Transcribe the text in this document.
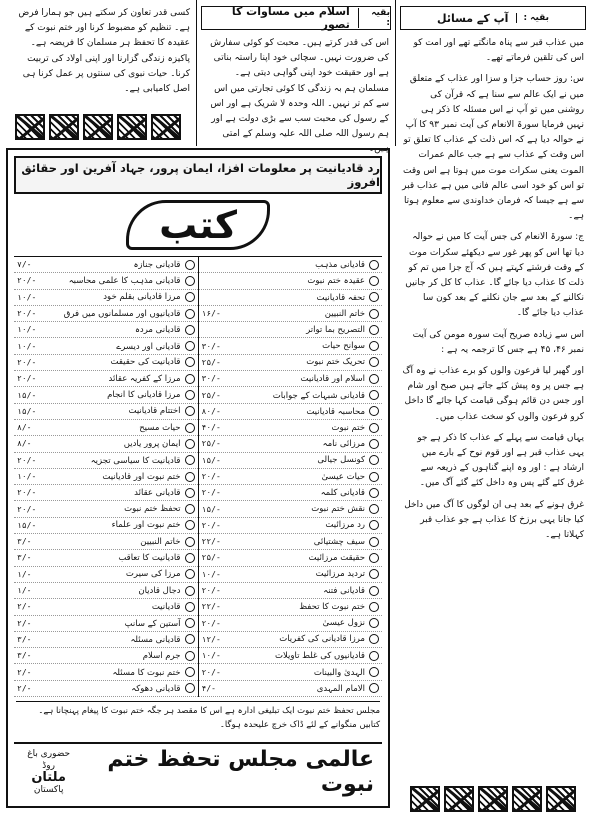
بقیہ :
آپ کے مسائل

میں عذاب قبر سے پناہ مانگتے تھے اور امت کو اس کی تلقین فرماتے تھے۔

س: روز حساب جزا و سزا اور عذاب کے متعلق میں نے ایک عالم سے سنا ہے کہ قرآن کی روشنی میں تو آپ نے اس مسئلہ کا ذکر ہی نہیں فرمایا سورۃ الانعام کی آیت نمبر ۹۳ کا آپ نے حوالہ دیا ہے کہ اس ذلت کے عذاب کا تعلق تو اس وقت کے عذاب سے ہے جب عالم عمرات الموت یعنی سکرات موت میں ہوتا ہے اس وقت تو اس کو خود اسی عالم فانی میں ہے عذاب قبر سے ہے جیسا کہ فرمان خداوندی سے معلوم ہوتا ہے۔

ج: سورۃ الانعام کی جس آیت کا میں نے حوالہ دیا تھا اس کو پھر غور سے دیکھئے سکرات موت کے وقت فرشتے کہتے ہیں کہ آج جزا میں تم کو ذلت کا عذاب دیا جائے گا۔ عذاب کا کل کر جانیں نکالنے کے بعد سے جان نکلنے کے بعد کون سا عذاب دیا جائے گا۔

اس سے زیادہ صریح آیت سورہ مومن کی آیت نمبر ۴۶، ۴۵ ہے جس کا ترجمہ یہ ہے :

اور گھیر لیا فرعون والوں کو برے عذاب نے وہ آگ ہے جس پر وہ پیش کئے جاتے ہیں صبح اور شام اور جس دن قائم ہوگی قیامت کہا جائے گا داخل کرو فرعون والوں کو سخت عذاب میں۔

یہاں قیامت سے پہلے کے عذاب کا ذکر ہے جو یہی عذاب قبر ہے اور قوم نوح کے بارے میں ارشاد ہے : اور وہ اپنے گناہوں کے ذریعہ سے غرق کئے گئے پس وہ داخل کئے گئے آگ میں۔

غرق ہونے کے بعد ہی ان لوگوں کا آگ میں داخل کیا جانا یہی برزخ کا عذاب ہے جو عذاب قبر کہلاتا ہے۔

بقیہ :
اسلام میں مساوات کا تصور

اس کی قدر کرتے ہیں۔ محبت کو کوئی سفارش کی ضرورت نہیں۔ سچائی خود اپنا راستہ بناتی ہے اور حقیقت خود اپنی گواہی دیتی ہے۔ مسلمان ہم بہ زندگی کا کوئی تجارتی میں اس سے کم تر نہیں۔ اللہ وحدہ لا شریک ہے اور اس کے رسول کی محبت سب سے بڑی دولت ہے اور ہم رسول اللہ صلی اللہ علیہ وسلم کے امتی ہیں۔

کسی قدر تعاون کر سکتے ہیں جو ہمارا فرض ہے۔ تنظیم کو مضبوط کرنا اور ختم نبوت کے عقیدہ کا تحفظ ہر مسلمان کا فریضہ ہے۔ پاکیزہ زندگی گزارنا اور اپنی اولاد کی تربیت کرنا۔ حیات نبوی کی سنتوں پر عمل کرنا ہی اصل کامیابی ہے۔

رد قادیانیت پر معلومات افزا، ایمان پرور، جہاد آفرین اور حقائق افروز
کتب
قادیانی جنازہ
۷/-
قادیانی مذہب کا علمی محاسبہ
۲۰/-
مرزا قادیانی بقلم خود
۱۰/-
قادیانیوں اور مسلمانوں میں فرق
۲۰/-
قادیانی مردہ
۱۰/-
قادیانی اور دیسرے
۱۰/-
قادیانیت کی حقیقت
۲۰/-
مرزا کے کفریہ عقائد
۲۰/-
مرزا قادیانی کا انجام
۱۵/-
اختتام قادیانیت
۱۵/-
حیات مسیح
۸/-
ایمان پرور یادیں
۸/-
قادیانیت کا سیاسی تجزیہ
۲۰/-
ختم نبوت اور قادیانیت
۱۰/-
قادیانی عقائد
۲۰/-
تحفظ ختم نبوت
۲۰/-
ختم نبوت اور علماء
۱۵/-
خاتم النبیین
۳/-
قادیانیت کا تعاقب
۳/-
مرزا کی سیرت
۱/-
دجال قادیان
۱/-
قادیانیت
۲/-
آستین کے سانپ
۲/-
قادیانی مسئلہ
۳/-
جرم اسلام
۳/-
ختم نبوت کا مسئلہ
۲/-
قادیانی دھوکہ
۲/-
قادیانی مذہب
عقیدہ ختم نبوت
تحفہ قادیانیت
خاتم النبیین
۱۶/-
التصریح بما تواتر
سوانح حیات
۳۰/-
تحریک ختم نبوت
۲۵/-
اسلام اور قادیانیت
۳۰/-
قادیانی شبہات کے جوابات
۲۵/-
محاسبہ قادیانیت
۸۰/-
ختم نبوت
۴۰/-
مرزائی نامہ
۲۵/-
کونسل جیالی
۱۵/-
حیات عیسیٰ
۲۰/-
قادیانی کلمہ
۲۰/-
نقش ختم نبوت
۱۵/-
رد مرزائیت
۲۰/-
سیف چشتیائی
۲۲/-
حقیقت مرزائیت
۲۵/-
تردید مرزائیت
۱۰/-
قادیانی فتنہ
۲۰/-
ختم نبوت کا تحفظ
۲۲/-
نزول عیسیٰ
۲۰/-
مرزا قادیانی کی کفریات
۱۲/-
قادیانیوں کی غلط تاویلات
۱۰/-
الہدیٰ والبینات
۲۰/-
الامام المہدی
۴/-
مجلس تحفظ ختم نبوت ایک تبلیغی ادارہ ہے اس کا مقصد ہر جگہ ختم نبوت کا پیغام پہنچانا ہے۔ کتابیں منگوانے کے لئے ڈاک خرچ علیحدہ ہوگا۔
عالمی مجلس تحفظ ختم نبوت
حضوری باغ روڈ
ملتان
پاکستان
